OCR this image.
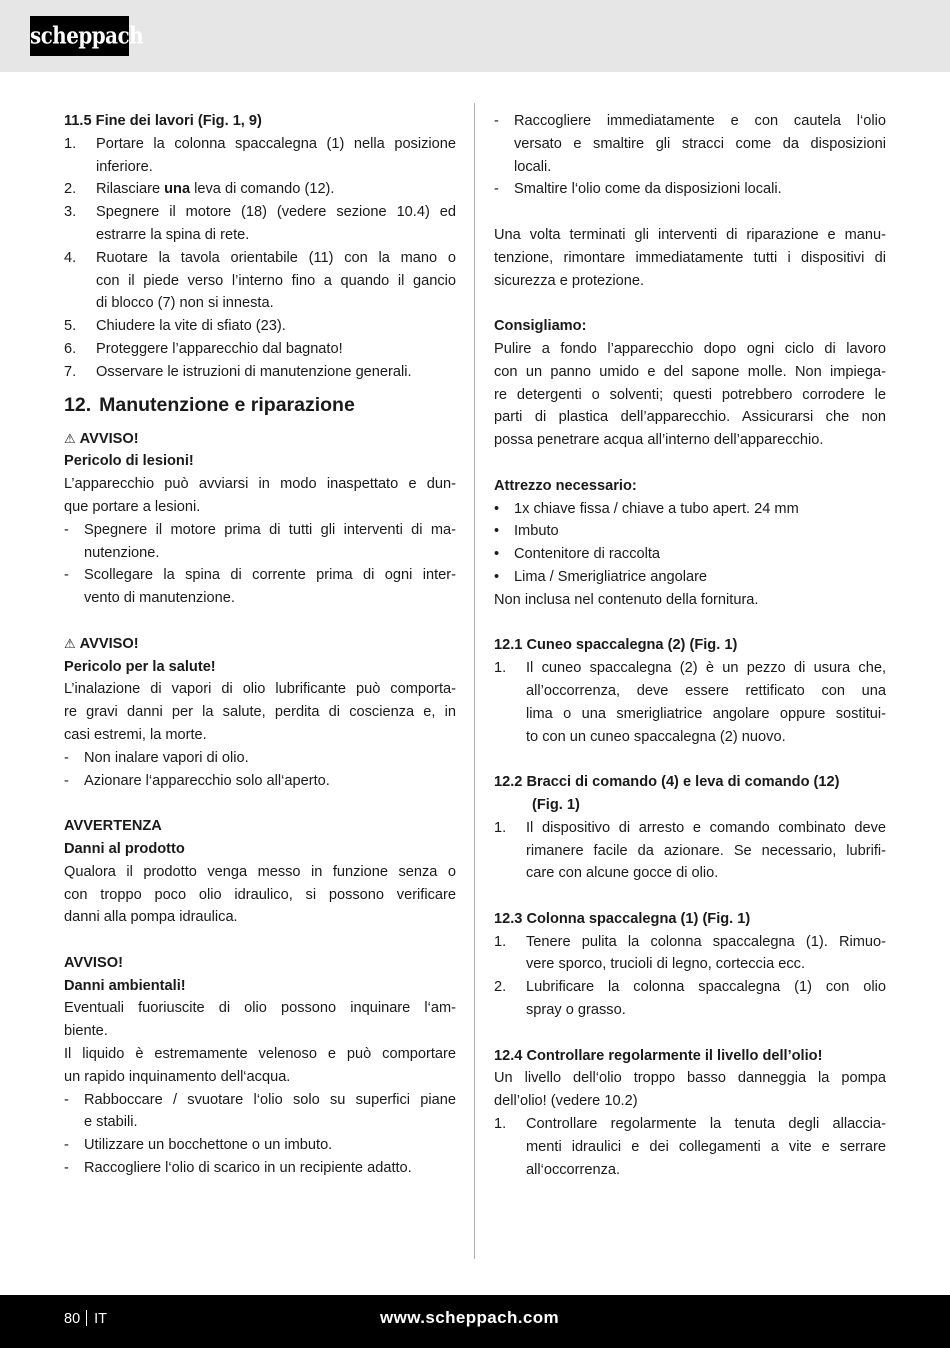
scheppach
11.5 Fine dei lavori (Fig. 1, 9)
1. Portare la colonna spaccalegna (1) nella posizione
inferiore.
2. Rilasciare una leva di comando (12).
3. Spegnere il motore (18) (vedere sezione 10.4) ed
estrarre la spina di rete.
4. Ruotare la tavola orientabile (11) con la mano o
con il piede verso l’interno fino a quando il gancio
di blocco (7) non si innesta.
5. Chiudere la vite di sfiato (23).
6. Proteggere l’apparecchio dal bagnato!
7. Osservare le istruzioni di manutenzione generali.
12. Manutenzione e riparazione
⚠ AVVISO!
Pericolo di lesioni!
L’apparecchio può avviarsi in modo inaspettato e dun-
que portare a lesioni.
- Spegnere il motore prima di tutti gli interventi di ma-
nutenzione.
- Scollegare la spina di corrente prima di ogni inter-
vento di manutenzione.
⚠ AVVISO!
Pericolo per la salute!
L’inalazione di vapori di olio lubrificante può comporta-
re gravi danni per la salute, perdita di coscienza e, in
casi estremi, la morte.
- Non inalare vapori di olio.
- Azionare l‘apparecchio solo all‘aperto.
AVVERTENZA
Danni al prodotto
Qualora il prodotto venga messo in funzione senza o
con troppo poco olio idraulico, si possono verificare
danni alla pompa idraulica.
AVVISO!
Danni ambientali!
Eventuali fuoriuscite di olio possono inquinare l‘am-
biente.
Il liquido è estremamente velenoso e può comportare
un rapido inquinamento dell‘acqua.
- Rabboccare / svuotare l‘olio solo su superfici piane
e stabili.
- Utilizzare un bocchettone o un imbuto.
- Raccogliere l‘olio di scarico in un recipiente adatto.
- Raccogliere immediatamente e con cautela l‘olio
versato e smaltire gli stracci come da disposizioni
locali.
- Smaltire l‘olio come da disposizioni locali.
Una volta terminati gli interventi di riparazione e manu-
tenzione, rimontare immediatamente tutti i dispositivi di
sicurezza e protezione.
Consigliamo:
Pulire a fondo l’apparecchio dopo ogni ciclo di lavoro
con un panno umido e del sapone molle. Non impiega-
re detergenti o solventi; questi potrebbero corrodere le
parti di plastica dell’apparecchio. Assicurarsi che non
possa penetrare acqua all’interno dell’apparecchio.
Attrezzo necessario:
• 1x chiave fissa / chiave a tubo apert. 24 mm
• Imbuto
• Contenitore di raccolta
• Lima / Smerigliatrice angolare
Non inclusa nel contenuto della fornitura.
12.1 Cuneo spaccalegna (2) (Fig. 1)
1. Il cuneo spaccalegna (2) è un pezzo di usura che,
all’occorrenza, deve essere rettificato con una
lima o una smerigliatrice angolare oppure sostitui-
to con un cuneo spaccalegna (2) nuovo.
12.2 Bracci di comando (4) e leva di comando (12)
(Fig. 1)
1. Il dispositivo di arresto e comando combinato deve
rimanere facile da azionare. Se necessario, lubrifi-
care con alcune gocce di olio.
12.3 Colonna spaccalegna (1) (Fig. 1)
1. Tenere pulita la colonna spaccalegna (1). Rimuo-
vere sporco, trucioli di legno, corteccia ecc.
2. Lubrificare la colonna spaccalegna (1) con olio
spray o grasso.
12.4 Controllare regolarmente il livello dell’olio!
Un livello dell‘olio troppo basso danneggia la pompa
dell’olio! (vedere 10.2)
1. Controllare regolarmente la tenuta degli allaccia-
menti idraulici e dei collegamenti a vite e serrare
all‘occorrenza.
80 IT	www.scheppach.com
